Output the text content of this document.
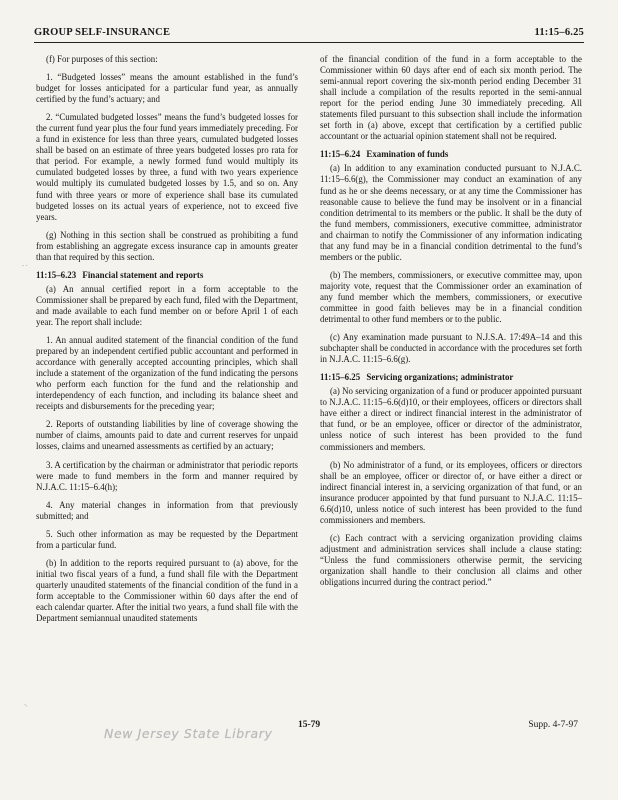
GROUP SELF-INSURANCE	11:15–6.25

(f) For purposes of this section:

1. “Budgeted losses” means the amount established in the fund’s budget for losses anticipated for a particular fund year, as annually certified by the fund’s actuary; and

2. “Cumulated budgeted losses” means the fund’s budgeted losses for the current fund year plus the four fund years immediately preceding. For a fund in existence for less than three years, cumulated budgeted losses shall be based on an estimate of three years budgeted losses pro rata for that period. For example, a newly formed fund would multiply its cumulated budgeted losses by three, a fund with two years experience would multiply its cumulated budgeted losses by 1.5, and so on. Any fund with three years or more of experience shall base its cumulated budgeted losses on its actual years of experience, not to exceed five years.

(g) Nothing in this section shall be construed as prohibiting a fund from establishing an aggregate excess insurance cap in amounts greater than that required by this section.

11:15–6.23 Financial statement and reports

(a) An annual certified report in a form acceptable to the Commissioner shall be prepared by each fund, filed with the Department, and made available to each fund member on or before April 1 of each year. The report shall include:

1. An annual audited statement of the financial condition of the fund prepared by an independent certified public accountant and performed in accordance with generally accepted accounting principles, which shall include a statement of the organization of the fund indicating the persons who perform each function for the fund and the relationship and interdependency of each function, and including its balance sheet and receipts and disbursements for the preceding year;

2. Reports of outstanding liabilities by line of coverage showing the number of claims, amounts paid to date and current reserves for unpaid losses, claims and unearned assessments as certified by an actuary;

3. A certification by the chairman or administrator that periodic reports were made to fund members in the form and manner required by N.J.A.C. 11:15–6.4(h);

4. Any material changes in information from that previously submitted; and

5. Such other information as may be requested by the Department from a particular fund.

(b) In addition to the reports required pursuant to (a) above, for the initial two fiscal years of a fund, a fund shall file with the Department quarterly unaudited statements of the financial condition of the fund in a form acceptable to the Commissioner within 60 days after the end of each calendar quarter. After the initial two years, a fund shall file with the Department semiannual unaudited statements

of the financial condition of the fund in a form acceptable to the Commissioner within 60 days after end of each six month period. The semi-annual report covering the six-month period ending December 31 shall include a compilation of the results reported in the semi-annual report for the period ending June 30 immediately preceding. All statements filed pursuant to this subsection shall include the information set forth in (a) above, except that certification by a certified public accountant or the actuarial opinion statement shall not be required.

11:15–6.24 Examination of funds

(a) In addition to any examination conducted pursuant to N.J.A.C. 11:15–6.6(g), the Commissioner may conduct an examination of any fund as he or she deems necessary, or at any time the Commissioner has reasonable cause to believe the fund may be insolvent or in a financial condition detrimental to its members or the public. It shall be the duty of the fund members, commissioners, executive committee, administrator and chairman to notify the Commissioner of any information indicating that any fund may be in a financial condition detrimental to the fund’s members or the public.

(b) The members, commissioners, or executive committee may, upon majority vote, request that the Commissioner order an examination of any fund member which the members, commissioners, or executive committee in good faith believes may be in a financial condition detrimental to other fund members or to the public.

(c) Any examination made pursuant to N.J.S.A. 17:49A–14 and this subchapter shall be conducted in accordance with the procedures set forth in N.J.A.C. 11:15–6.6(g).

11:15–6.25 Servicing organizations; administrator

(a) No servicing organization of a fund or producer appointed pursuant to N.J.A.C. 11:15–6.6(d)10, or their employees, officers or directors shall have either a direct or indirect financial interest in the administrator of that fund, or be an employee, officer or director of the administrator, unless notice of such interest has been provided to the fund commissioners and members.

(b) No administrator of a fund, or its employees, officers or directors shall be an employee, officer or director of, or have either a direct or indirect financial interest in, a servicing organization of that fund, or an insurance producer appointed by that fund pursuant to N.J.A.C. 11:15–6.6(d)10, unless notice of such interest has been provided to the fund commissioners and members.

(c) Each contract with a servicing organization providing claims adjustment and administration services shall include a clause stating: “Unless the fund commissioners otherwise permit, the servicing organization shall handle to their conclusion all claims and other obligations incurred during the contract period.”

⸱ ·
⸜
New Jersey State Library
15-79	Supp. 4-7-97
